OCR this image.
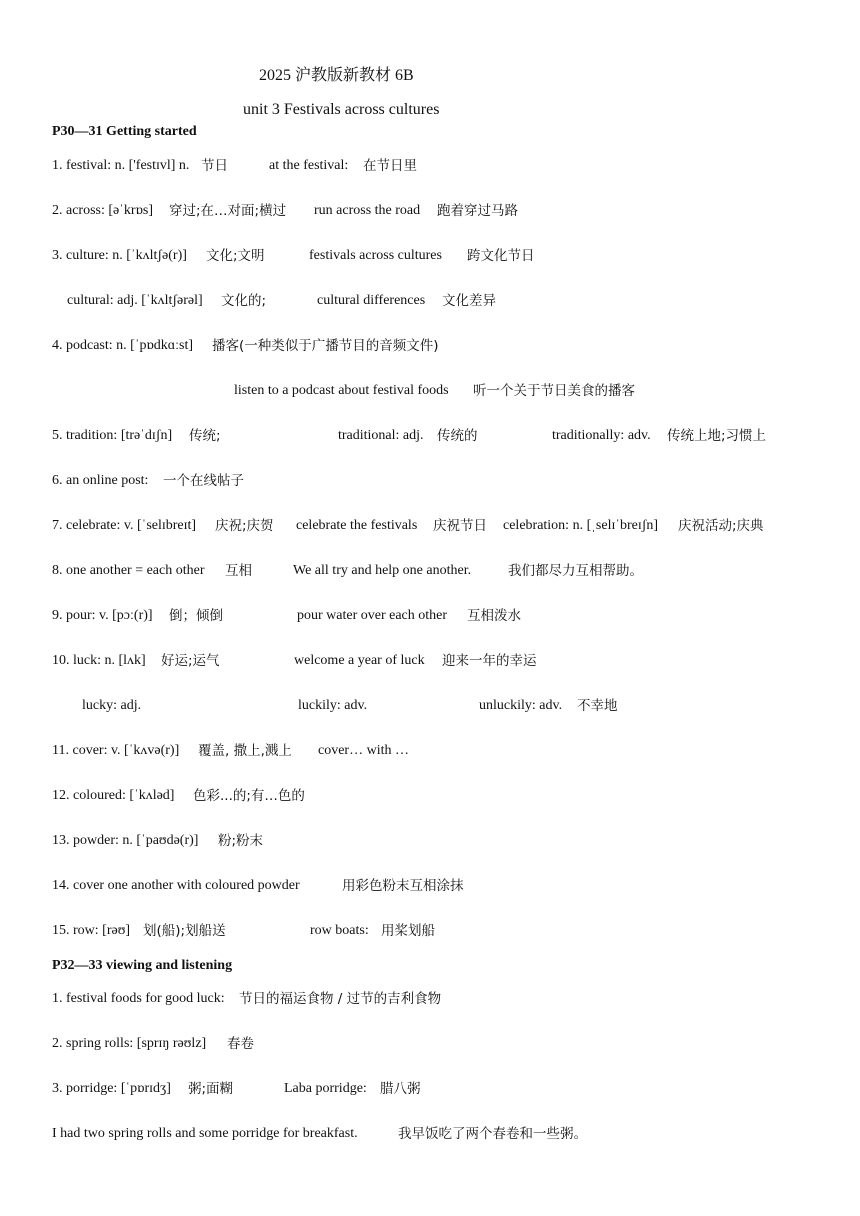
2025 沪教版新教材 6B
unit 3 Festivals across cultures
P30—31 Getting started
1. festival: n. ['festɪvl] n. 节日	at the festival: 在节日里
2. across: [əˈkrɒs] 穿过;在…对面;横过 run across the road 跑着穿过马路
3. culture: n. [ˈkʌltʃə(r)] 文化;文明	festivals across cultures 跨文化节日
cultural: adj. [ˈkʌltʃərəl] 文化的;	cultural differences 文化差异
4. podcast: n. [ˈpɒdkɑːst] 播客(一种类似于广播节目的音频文件)
listen to a podcast about festival foods 听一个关于节日美食的播客
5. tradition: [trəˈdɪʃn] 传统;	traditional: adj. 传统的	traditionally: adv. 传统上地;习惯上
6. an online post: 一个在线帖子
7. celebrate: v. [ˈselɪbreɪt] 庆祝;庆贺 celebrate the festivals 庆祝节日 celebration: n. [ˌselɪˈbreɪʃn] 庆祝活动;庆典
8. one another = each other 互相	We all try and help one another.	我们都尽力互相帮助。
9. pour: v. [pɔː(r)] 倒；倾倒	pour water over each other 互相泼水
10. luck: n. [lʌk] 好运;运气	welcome a year of luck 迎来一年的幸运
lucky: adj.	luckily: adv.	unluckily: adv. 不幸地
11. cover: v. [ˈkʌvə(r)] 覆盖, 撒上,溅上 cover… with …
12. coloured: [ˈkʌləd] 色彩...的;有…色的
13. powder: n. [ˈpaʊdə(r)] 粉;粉末
14. cover one another with coloured powder	用彩色粉末互相涂抹
15. row: [rəʊ] 划(船);划船送	row boats: 用桨划船
P32—33 viewing and listening
1. festival foods for good luck: 节日的福运食物 / 过节的吉利食物
2. spring rolls: [sprɪŋ rəʊlz] 春卷
3. porridge: [ˈpɒrɪdʒ] 粥;面糊	Laba porridge: 腊八粥
I had two spring rolls and some porridge for breakfast.	我早饭吃了两个春卷和一些粥。
